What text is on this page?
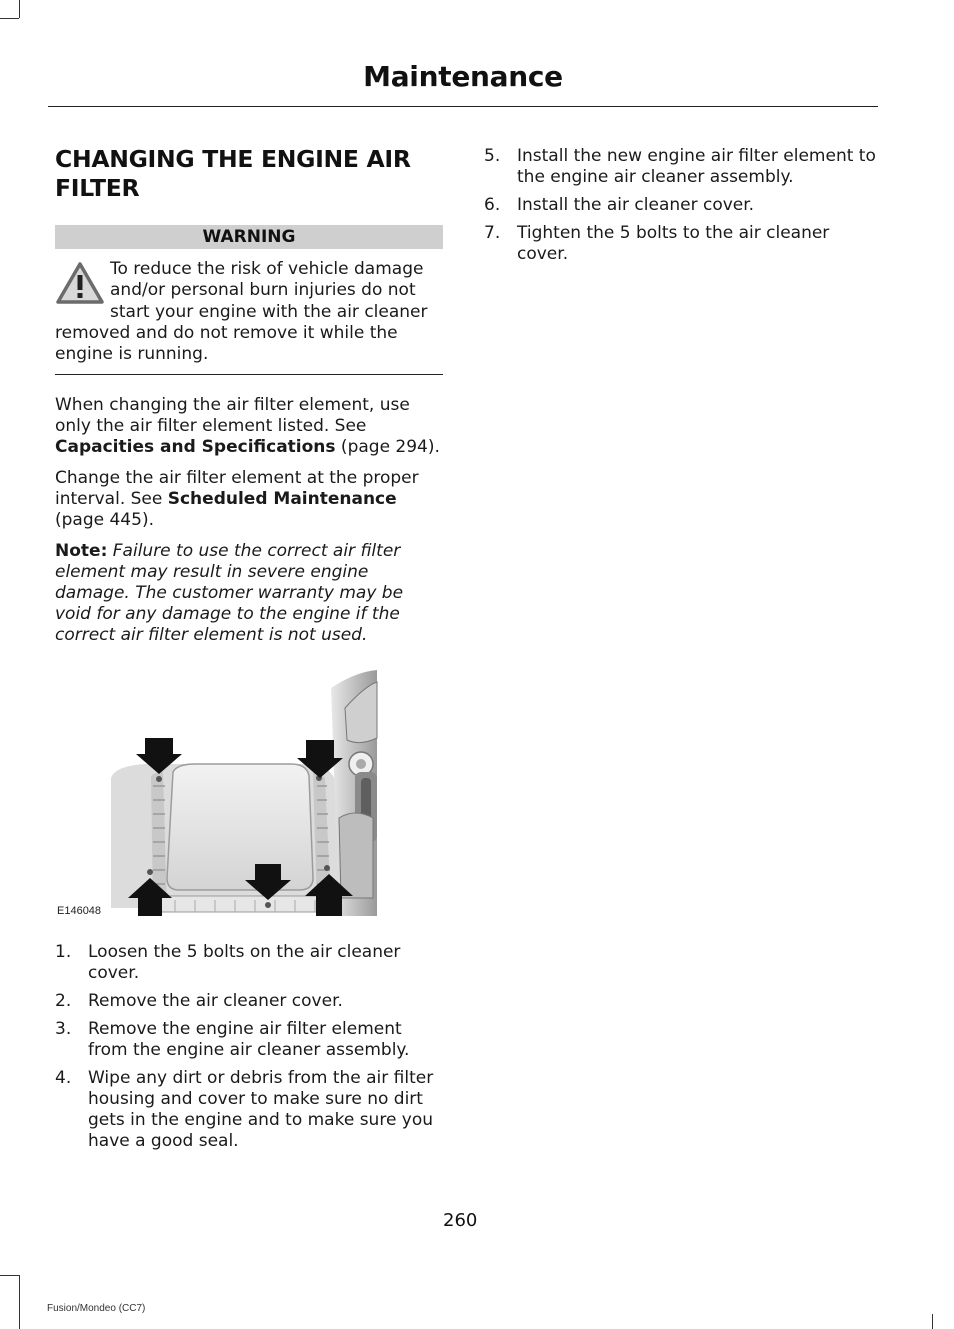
Maintenance
CHANGING THE ENGINE AIR FILTER
WARNING
To reduce the risk of vehicle damage and/or personal burn injuries do not start your engine with the air cleaner removed and do not remove it while the engine is running.

When changing the air filter element, use only the air filter element listed. See Capacities and Specifications (page 294).

Change the air filter element at the proper interval. See Scheduled Maintenance (page 445).

Note: Failure to use the correct air filter element may result in severe engine damage. The customer warranty may be void for any damage to the engine if the correct air filter element is not used.

E146048
1. Loosen the 5 bolts on the air cleaner cover.
2. Remove the air cleaner cover.
3. Remove the engine air filter element from the engine air cleaner assembly.
4. Wipe any dirt or debris from the air filter housing and cover to make sure no dirt gets in the engine and to make sure you have a good seal.
5. Install the new engine air filter element to the engine air cleaner assembly.
6. Install the air cleaner cover.
7. Tighten the 5 bolts to the air cleaner cover.
260
Fusion/Mondeo (CC7)
